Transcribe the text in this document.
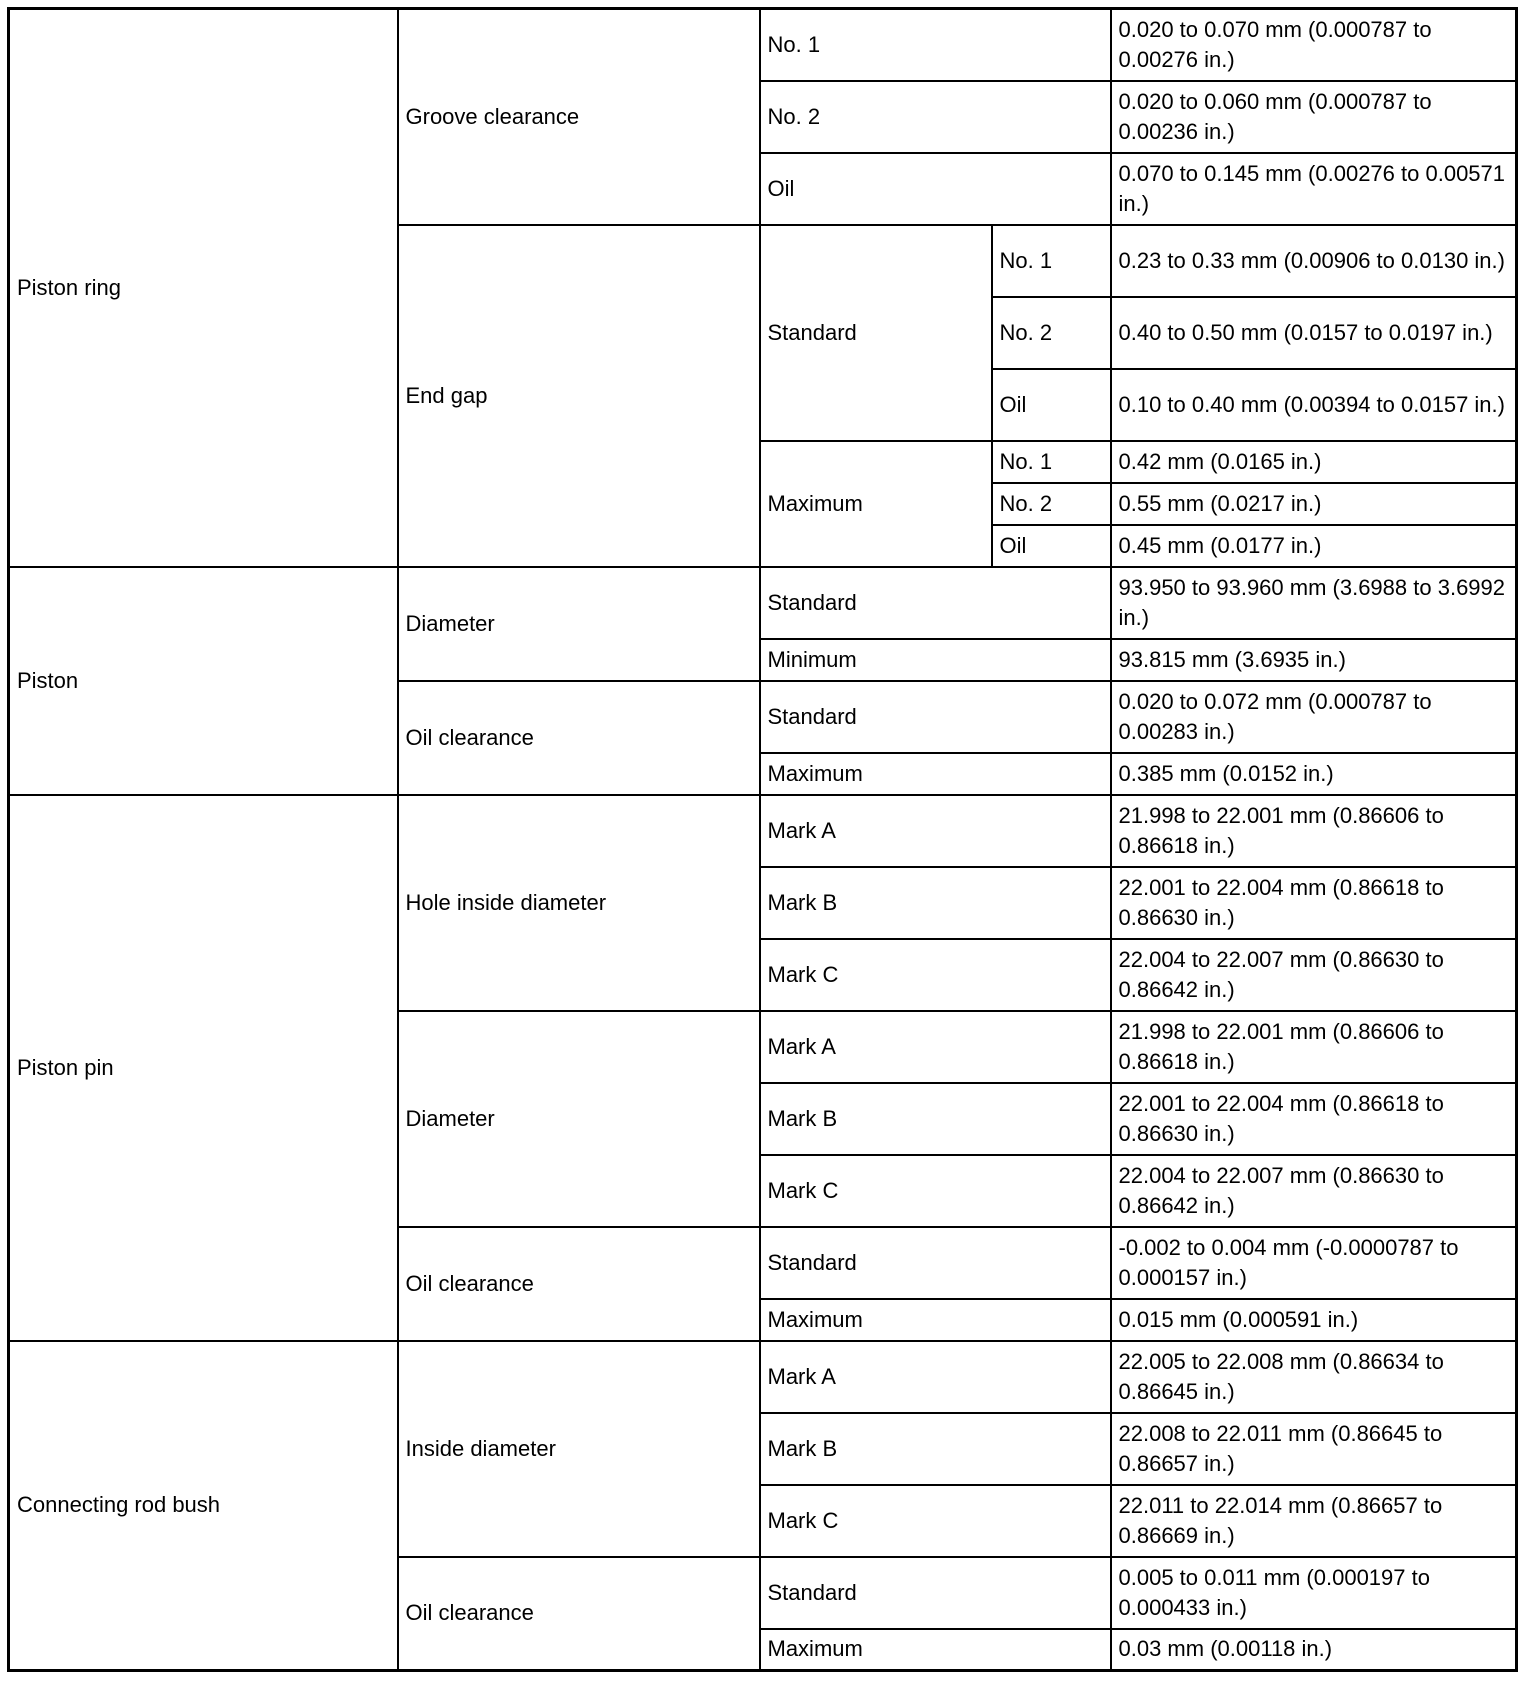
Piston ring	Groove clearance	No. 1		0.020 to 0.070 mm (0.000787 to 0.00276 in.)
		No. 2		0.020 to 0.060 mm (0.000787 to 0.00236 in.)
		Oil		0.070 to 0.145 mm (0.00276 to 0.00571 in.)
	End gap	Standard	No. 1	0.23 to 0.33 mm (0.00906 to 0.0130 in.)
			No. 2	0.40 to 0.50 mm (0.0157 to 0.0197 in.)
			Oil	0.10 to 0.40 mm (0.00394 to 0.0157 in.)
		Maximum	No. 1	0.42 mm (0.0165 in.)
			No. 2	0.55 mm (0.0217 in.)
			Oil	0.45 mm (0.0177 in.)
Piston	Diameter	Standard		93.950 to 93.960 mm (3.6988 to 3.6992 in.)
		Minimum		93.815 mm (3.6935 in.)
	Oil clearance	Standard		0.020 to 0.072 mm (0.000787 to 0.00283 in.)
		Maximum		0.385 mm (0.0152 in.)
Piston pin	Hole inside diameter	Mark A		21.998 to 22.001 mm (0.86606 to 0.86618 in.)
		Mark B		22.001 to 22.004 mm (0.86618 to 0.86630 in.)
		Mark C		22.004 to 22.007 mm (0.86630 to 0.86642 in.)
	Diameter	Mark A		21.998 to 22.001 mm (0.86606 to 0.86618 in.)
		Mark B		22.001 to 22.004 mm (0.86618 to 0.86630 in.)
		Mark C		22.004 to 22.007 mm (0.86630 to 0.86642 in.)
	Oil clearance	Standard		-0.002 to 0.004 mm (-0.0000787 to 0.000157 in.)
		Maximum		0.015 mm (0.000591 in.)
Connecting rod bush	Inside diameter	Mark A		22.005 to 22.008 mm (0.86634 to 0.86645 in.)
		Mark B		22.008 to 22.011 mm (0.86645 to 0.86657 in.)
		Mark C		22.011 to 22.014 mm (0.86657 to 0.86669 in.)
	Oil clearance	Standard		0.005 to 0.011 mm (0.000197 to 0.000433 in.)
		Maximum		0.03 mm (0.00118 in.)
